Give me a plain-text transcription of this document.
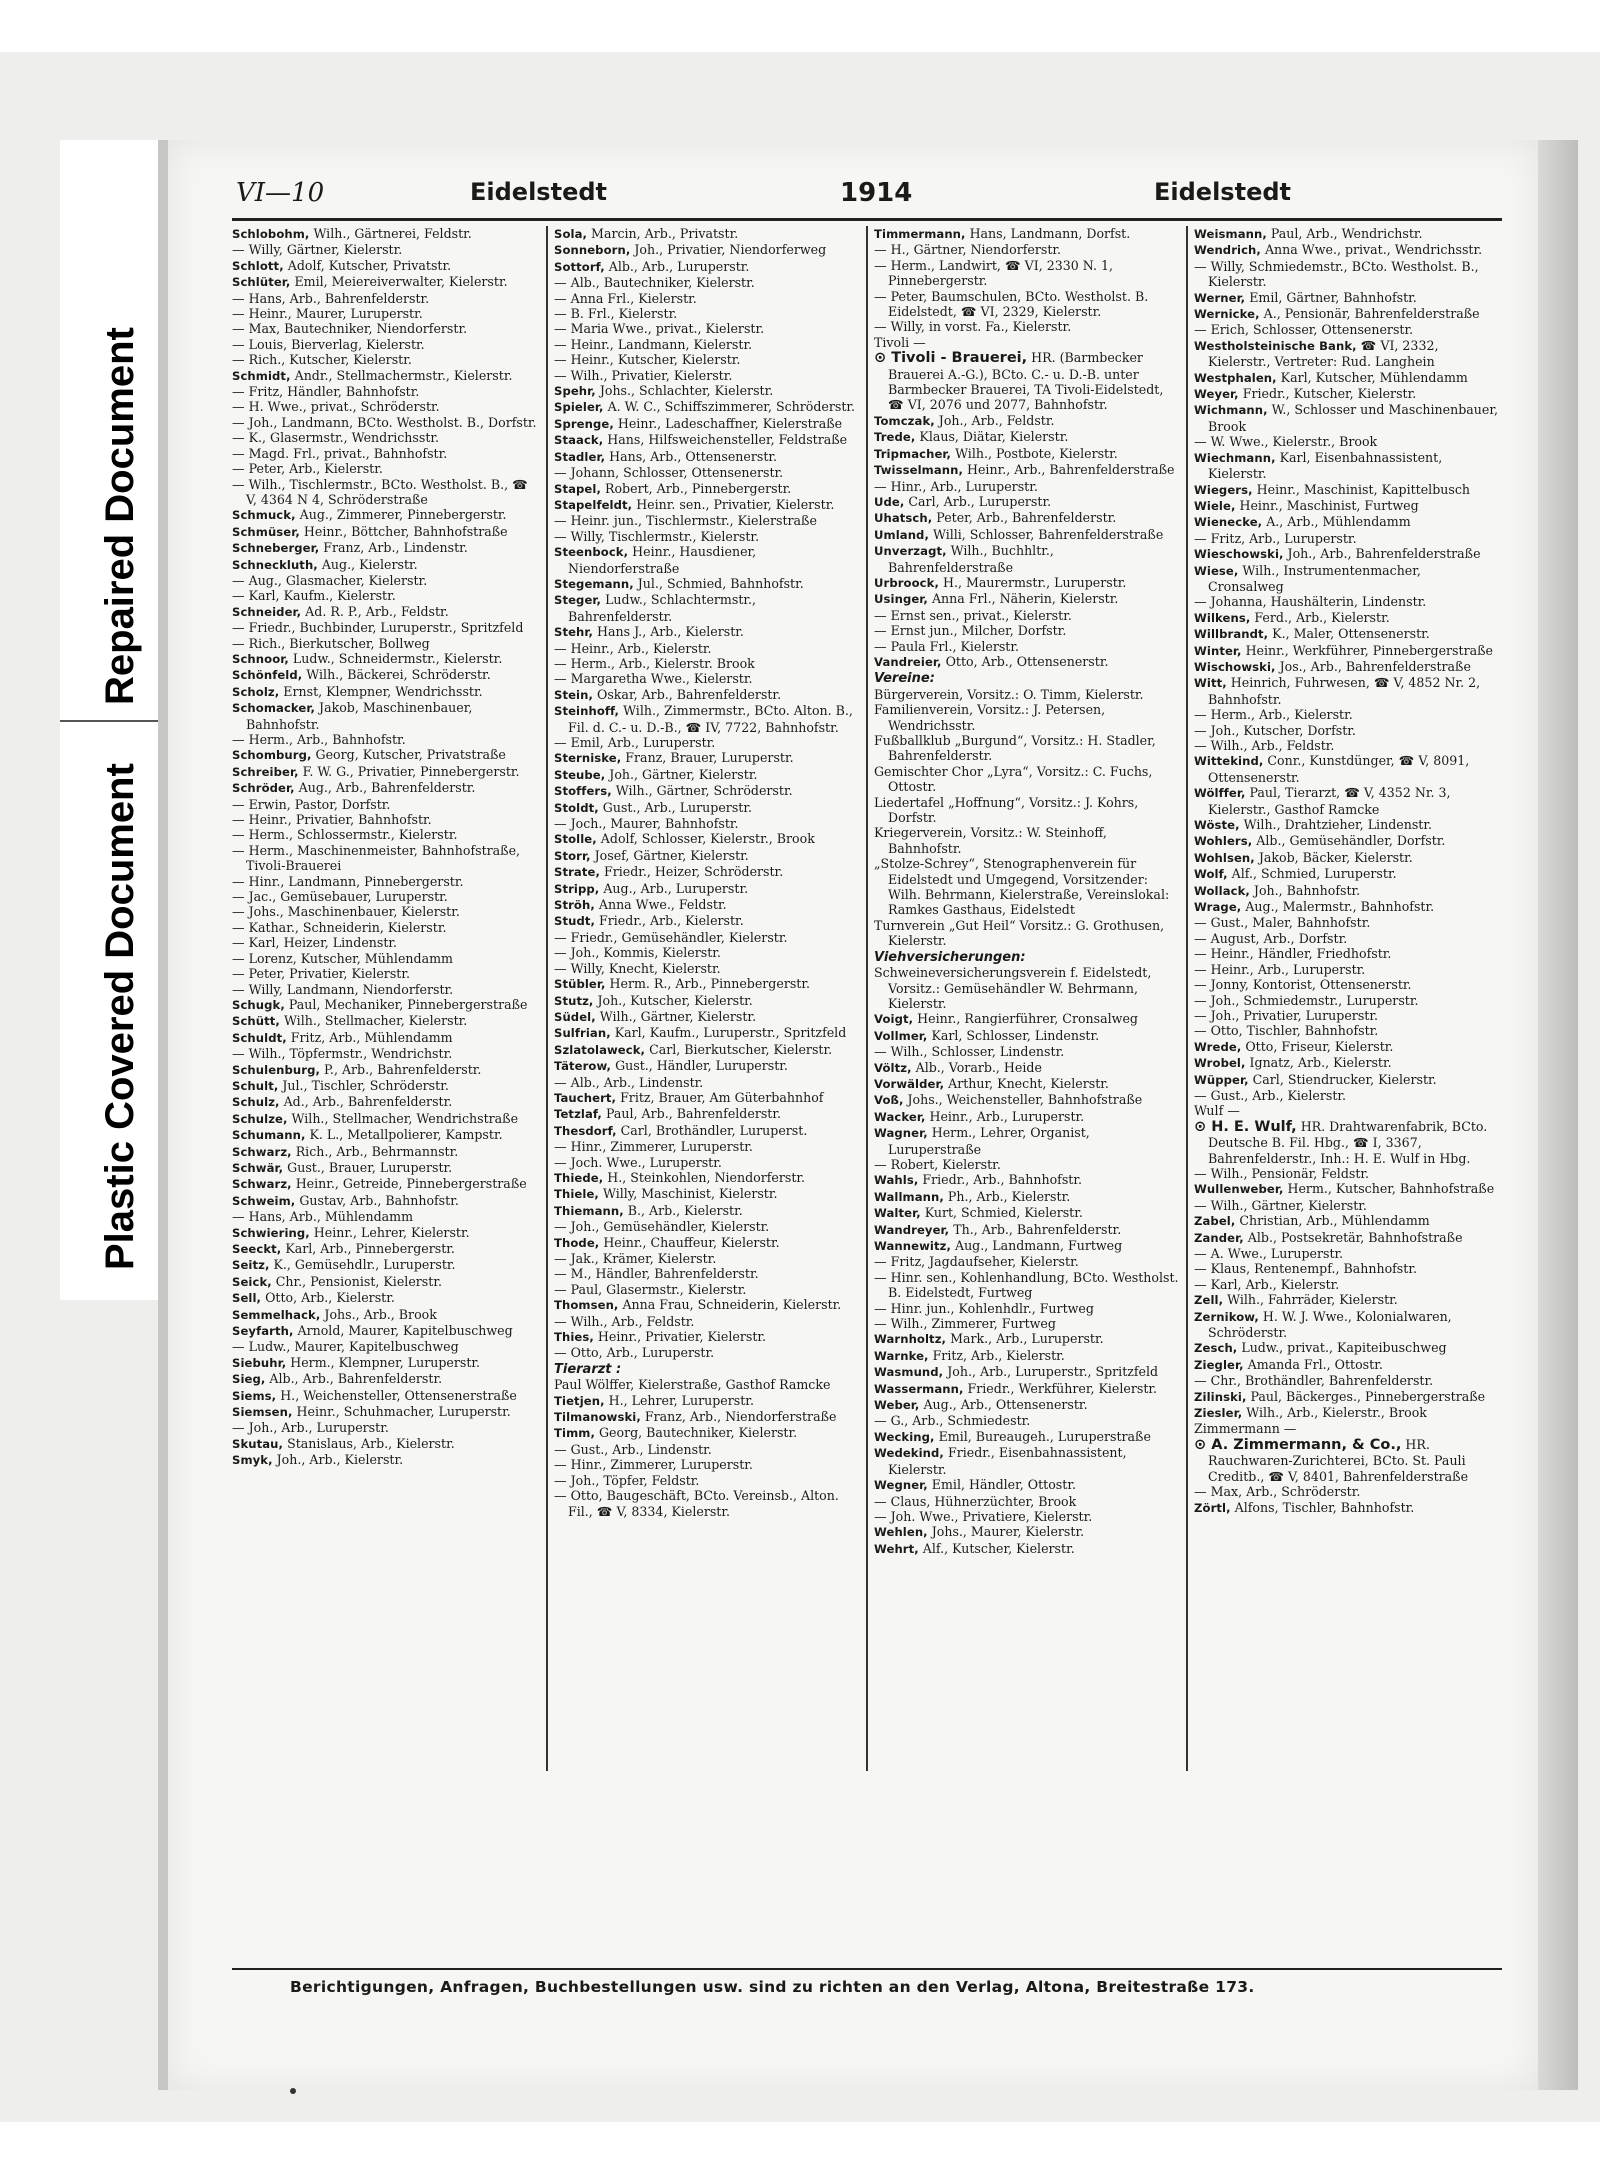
Repaired Document
Plastic Covered Document
VI—10	Eidelstedt	1914	Eidelstedt

Schlobohm, Wilh., Gärtnerei, Feldstr.

— Willy, Gärtner, Kielerstr.

Schlott, Adolf, Kutscher, Privatstr.

Schlüter, Emil, Meiereiverwalter, Kielerstr.

— Hans, Arb., Bahrenfelderstr.

— Heinr., Maurer, Luruperstr.

— Max, Bautechniker, Niendorferstr.

— Louis, Bierverlag, Kielerstr.

— Rich., Kutscher, Kielerstr.

Schmidt, Andr., Stellmachermstr., Kielerstr.

— Fritz, Händler, Bahnhofstr.

— H. Wwe., privat., Schröderstr.

— Joh., Landmann, BCto. Westholst. B., Dorfstr.

— K., Glasermstr., Wendrichsstr.

— Magd. Frl., privat., Bahnhofstr.

— Peter, Arb., Kielerstr.

— Wilh., Tischlermstr., BCto. Westholst. B., ☎ V, 4364 N 4, Schröderstraße

Schmuck, Aug., Zimmerer, Pinnebergerstr.

Schmüser, Heinr., Böttcher, Bahnhofstraße

Schneberger, Franz, Arb., Lindenstr.

Schneckluth, Aug., Kielerstr.

— Aug., Glasmacher, Kielerstr.

— Karl, Kaufm., Kielerstr.

Schneider, Ad. R. P., Arb., Feldstr.

— Friedr., Buchbinder, Luruperstr., Spritzfeld

— Rich., Bierkutscher, Bollweg

Schnoor, Ludw., Schneidermstr., Kielerstr.

Schönfeld, Wilh., Bäckerei, Schröderstr.

Scholz, Ernst, Klempner, Wendrichsstr.

Schomacker, Jakob, Maschinenbauer, Bahnhofstr.

— Herm., Arb., Bahnhofstr.

Schomburg, Georg, Kutscher, Privatstraße

Schreiber, F. W. G., Privatier, Pinnebergerstr.

Schröder, Aug., Arb., Bahrenfelderstr.

— Erwin, Pastor, Dorfstr.

— Heinr., Privatier, Bahnhofstr.

— Herm., Schlossermstr., Kielerstr.

— Herm., Maschinenmeister, Bahnhofstraße, Tivoli-Brauerei

— Hinr., Landmann, Pinnebergerstr.

— Jac., Gemüsebauer, Luruperstr.

— Johs., Maschinenbauer, Kielerstr.

— Kathar., Schneiderin, Kielerstr.

— Karl, Heizer, Lindenstr.

— Lorenz, Kutscher, Mühlendamm

— Peter, Privatier, Kielerstr.

— Willy, Landmann, Niendorferstr.

Schugk, Paul, Mechaniker, Pinnebergerstraße

Schütt, Wilh., Stellmacher, Kielerstr.

Schuldt, Fritz, Arb., Mühlendamm

— Wilh., Töpfermstr., Wendrichstr.

Schulenburg, P., Arb., Bahrenfelderstr.

Schult, Jul., Tischler, Schröderstr.

Schulz, Ad., Arb., Bahrenfelderstr.

Schulze, Wilh., Stellmacher, Wendrichstraße

Schumann, K. L., Metallpolierer, Kampstr.

Schwarz, Rich., Arb., Behrmannstr.

Schwär, Gust., Brauer, Luruperstr.

Schwarz, Heinr., Getreide, Pinnebergerstraße

Schweim, Gustav, Arb., Bahnhofstr.

— Hans, Arb., Mühlendamm

Schwiering, Heinr., Lehrer, Kielerstr.

Seeckt, Karl, Arb., Pinnebergerstr.

Seitz, K., Gemüsehdlr., Luruperstr.

Seick, Chr., Pensionist, Kielerstr.

Sell, Otto, Arb., Kielerstr.

Semmelhack, Johs., Arb., Brook

Seyfarth, Arnold, Maurer, Kapitelbuschweg

— Ludw., Maurer, Kapitelbuschweg

Siebuhr, Herm., Klempner, Luruperstr.

Sieg, Alb., Arb., Bahrenfelderstr.

Siems, H., Weichensteller, Ottensenerstraße

Siemsen, Heinr., Schuhmacher, Luruperstr.

— Joh., Arb., Luruperstr.

Skutau, Stanislaus, Arb., Kielerstr.

Smyk, Joh., Arb., Kielerstr.

Sola, Marcin, Arb., Privatstr.

Sonneborn, Joh., Privatier, Niendorferweg

Sottorf, Alb., Arb., Luruperstr.

— Alb., Bautechniker, Kielerstr.

— Anna Frl., Kielerstr.

— B. Frl., Kielerstr.

— Maria Wwe., privat., Kielerstr.

— Heinr., Landmann, Kielerstr.

— Heinr., Kutscher, Kielerstr.

— Wilh., Privatier, Kielerstr.

Spehr, Johs., Schlachter, Kielerstr.

Spieler, A. W. C., Schiffszimmerer, Schröderstr.

Sprenge, Heinr., Ladeschaffner, Kielerstraße

Staack, Hans, Hilfsweichensteller, Feldstraße

Stadler, Hans, Arb., Ottensenerstr.

— Johann, Schlosser, Ottensenerstr.

Stapel, Robert, Arb., Pinnebergerstr.

Stapelfeldt, Heinr. sen., Privatier, Kielerstr.

— Heinr. jun., Tischlermstr., Kielerstraße

— Willy, Tischlermstr., Kielerstr.

Steenbock, Heinr., Hausdiener, Niendorferstraße

Stegemann, Jul., Schmied, Bahnhofstr.

Steger, Ludw., Schlachtermstr., Bahrenfelderstr.

Stehr, Hans J., Arb., Kielerstr.

— Heinr., Arb., Kielerstr.

— Herm., Arb., Kielerstr. Brook

— Margaretha Wwe., Kielerstr.

Stein, Oskar, Arb., Bahrenfelderstr.

Steinhoff, Wilh., Zimmermstr., BCto. Alton. B., Fil. d. C.- u. D.-B., ☎ IV, 7722, Bahnhofstr.

— Emil, Arb., Luruperstr.

Sterniske, Franz, Brauer, Luruperstr.

Steube, Joh., Gärtner, Kielerstr.

Stoffers, Wilh., Gärtner, Schröderstr.

Stoldt, Gust., Arb., Luruperstr.

— Joch., Maurer, Bahnhofstr.

Stolle, Adolf, Schlosser, Kielerstr., Brook

Storr, Josef, Gärtner, Kielerstr.

Strate, Friedr., Heizer, Schröderstr.

Stripp, Aug., Arb., Luruperstr.

Ströh, Anna Wwe., Feldstr.

Studt, Friedr., Arb., Kielerstr.

— Friedr., Gemüsehändler, Kielerstr.

— Joh., Kommis, Kielerstr.

— Willy, Knecht, Kielerstr.

Stübler, Herm. R., Arb., Pinnebergerstr.

Stutz, Joh., Kutscher, Kielerstr.

Südel, Wilh., Gärtner, Kielerstr.

Sulfrian, Karl, Kaufm., Luruperstr., Spritzfeld

Szlatolaweck, Carl, Bierkutscher, Kielerstr.

Täterow, Gust., Händler, Luruperstr.

— Alb., Arb., Lindenstr.

Tauchert, Fritz, Brauer, Am Güterbahnhof

Tetzlaf, Paul, Arb., Bahrenfelderstr.

Thesdorf, Carl, Brothändler, Luruperst.

— Hinr., Zimmerer, Luruperstr.

— Joch. Wwe., Luruperstr.

Thiede, H., Steinkohlen, Niendorferstr.

Thiele, Willy, Maschinist, Kielerstr.

Thiemann, B., Arb., Kielerstr.

— Joh., Gemüsehändler, Kielerstr.

Thode, Heinr., Chauffeur, Kielerstr.

— Jak., Krämer, Kielerstr.

— M., Händler, Bahrenfelderstr.

— Paul, Glasermstr., Kielerstr.

Thomsen, Anna Frau, Schneiderin, Kielerstr.

— Wilh., Arb., Feldstr.

Thies, Heinr., Privatier, Kielerstr.

— Otto, Arb., Luruperstr.

Tierarzt :

Paul Wölffer, Kielerstraße, Gasthof Ramcke

Tietjen, H., Lehrer, Luruperstr.

Tilmanowski, Franz, Arb., Niendorferstraße

Timm, Georg, Bautechniker, Kielerstr.

— Gust., Arb., Lindenstr.

— Hinr., Zimmerer, Luruperstr.

— Joh., Töpfer, Feldstr.

— Otto, Baugeschäft, BCto. Vereinsb., Alton. Fil., ☎ V, 8334, Kielerstr.

Timmermann, Hans, Landmann, Dorfst.

— H., Gärtner, Niendorferstr.

— Herm., Landwirt, ☎ VI, 2330 N. 1, Pinnebergerstr.

— Peter, Baumschulen, BCto. Westholst. B. Eidelstedt, ☎ VI, 2329, Kielerstr.

— Willy, in vorst. Fa., Kielerstr.

Tivoli —

⊙ Tivoli - Brauerei, HR. (Barmbecker Brauerei A.-G.), BCto. C.- u. D.-B. unter Barmbecker Brauerei, TA Tivoli-Eidelstedt, ☎ VI, 2076 und 2077, Bahnhofstr.

Tomczak, Joh., Arb., Feldstr.

Trede, Klaus, Diätar, Kielerstr.

Tripmacher, Wilh., Postbote, Kielerstr.

Twisselmann, Heinr., Arb., Bahrenfelderstraße

— Hinr., Arb., Luruperstr.

Ude, Carl, Arb., Luruperstr.

Uhatsch, Peter, Arb., Bahrenfelderstr.

Umland, Willi, Schlosser, Bahrenfelderstraße

Unverzagt, Wilh., Buchhltr., Bahrenfelderstraße

Urbroock, H., Maurermstr., Luruperstr.

Usinger, Anna Frl., Näherin, Kielerstr.

— Ernst sen., privat., Kielerstr.

— Ernst jun., Milcher, Dorfstr.

— Paula Frl., Kielerstr.

Vandreier, Otto, Arb., Ottensenerstr.

Vereine:

Bürgerverein, Vorsitz.: O. Timm, Kielerstr.

Familienverein, Vorsitz.: J. Petersen, Wendrichsstr.

Fußballklub „Burgund“, Vorsitz.: H. Stadler, Bahrenfelderstr.

Gemischter Chor „Lyra“, Vorsitz.: C. Fuchs, Ottostr.

Liedertafel „Hoffnung“, Vorsitz.: J. Kohrs, Dorfstr.

Kriegerverein, Vorsitz.: W. Steinhoff, Bahnhofstr.

„Stolze-Schrey“, Stenographenverein für Eidelstedt und Umgegend, Vorsitzender: Wilh. Behrmann, Kielerstraße, Vereinslokal: Ramkes Gasthaus, Eidelstedt

Turnverein „Gut Heil“ Vorsitz.: G. Grothusen, Kielerstr.

Viehversicherungen:

Schweineversicherungsverein f. Eidelstedt, Vorsitz.: Gemüsehändler W. Behrmann, Kielerstr.

Voigt, Heinr., Rangierführer, Cronsalweg

Vollmer, Karl, Schlosser, Lindenstr.

— Wilh., Schlosser, Lindenstr.

Völtz, Alb., Vorarb., Heide

Vorwälder, Arthur, Knecht, Kielerstr.

Voß, Johs., Weichensteller, Bahnhofstraße

Wacker, Heinr., Arb., Luruperstr.

Wagner, Herm., Lehrer, Organist, Luruperstraße

— Robert, Kielerstr.

Wahls, Friedr., Arb., Bahnhofstr.

Wallmann, Ph., Arb., Kielerstr.

Walter, Kurt, Schmied, Kielerstr.

Wandreyer, Th., Arb., Bahrenfelderstr.

Wannewitz, Aug., Landmann, Furtweg

— Fritz, Jagdaufseher, Kielerstr.

— Hinr. sen., Kohlenhandlung, BCto. Westholst. B. Eidelstedt, Furtweg

— Hinr. jun., Kohlenhdlr., Furtweg

— Wilh., Zimmerer, Furtweg

Warnholtz, Mark., Arb., Luruperstr.

Warnke, Fritz, Arb., Kielerstr.

Wasmund, Joh., Arb., Luruperstr., Spritzfeld

Wassermann, Friedr., Werkführer, Kielerstr.

Weber, Aug., Arb., Ottensenerstr.

— G., Arb., Schmiedestr.

Wecking, Emil, Bureaugeh., Luruperstraße

Wedekind, Friedr., Eisenbahnassistent, Kielerstr.

Wegner, Emil, Händler, Ottostr.

— Claus, Hühnerzüchter, Brook

— Joh. Wwe., Privatiere, Kielerstr.

Wehlen, Johs., Maurer, Kielerstr.

Wehrt, Alf., Kutscher, Kielerstr.

Weismann, Paul, Arb., Wendrichstr.

Wendrich, Anna Wwe., privat., Wendrichsstr.

— Willy, Schmiedemstr., BCto. Westholst. B., Kielerstr.

Werner, Emil, Gärtner, Bahnhofstr.

Wernicke, A., Pensionär, Bahrenfelderstraße

— Erich, Schlosser, Ottensenerstr.

Westholsteinische Bank, ☎ VI, 2332, Kielerstr., Vertreter: Rud. Langhein

Westphalen, Karl, Kutscher, Mühlendamm

Weyer, Friedr., Kutscher, Kielerstr.

Wichmann, W., Schlosser und Maschinenbauer, Brook

— W. Wwe., Kielerstr., Brook

Wiechmann, Karl, Eisenbahnassistent, Kielerstr.

Wiegers, Heinr., Maschinist, Kapittelbusch

Wiele, Heinr., Maschinist, Furtweg

Wienecke, A., Arb., Mühlendamm

— Fritz, Arb., Luruperstr.

Wieschowski, Joh., Arb., Bahrenfelderstraße

Wiese, Wilh., Instrumentenmacher, Cronsalweg

— Johanna, Haushälterin, Lindenstr.

Wilkens, Ferd., Arb., Kielerstr.

Willbrandt, K., Maler, Ottensenerstr.

Winter, Heinr., Werkführer, Pinnebergerstraße

Wischowski, Jos., Arb., Bahrenfelderstraße

Witt, Heinrich, Fuhrwesen, ☎ V, 4852 Nr. 2, Bahnhofstr.

— Herm., Arb., Kielerstr.

— Joh., Kutscher, Dorfstr.

— Wilh., Arb., Feldstr.

Wittekind, Conr., Kunstdünger, ☎ V, 8091, Ottensenerstr.

Wölffer, Paul, Tierarzt, ☎ V, 4352 Nr. 3, Kielerstr., Gasthof Ramcke

Wöste, Wilh., Drahtzieher, Lindenstr.

Wohlers, Alb., Gemüsehändler, Dorfstr.

Wohlsen, Jakob, Bäcker, Kielerstr.

Wolf, Alf., Schmied, Luruperstr.

Wollack, Joh., Bahnhofstr.

Wrage, Aug., Malermstr., Bahnhofstr.

— Gust., Maler, Bahnhofstr.

— August, Arb., Dorfstr.

— Heinr., Händler, Friedhofstr.

— Heinr., Arb., Luruperstr.

— Jonny, Kontorist, Ottensenerstr.

— Joh., Schmiedemstr., Luruperstr.

— Joh., Privatier, Luruperstr.

— Otto, Tischler, Bahnhofstr.

Wrede, Otto, Friseur, Kielerstr.

Wrobel, Ignatz, Arb., Kielerstr.

Wüpper, Carl, Stiendrucker, Kielerstr.

— Gust., Arb., Kielerstr.

Wulf —

⊙ H. E. Wulf, HR. Drahtwarenfabrik, BCto. Deutsche B. Fil. Hbg., ☎ I, 3367, Bahrenfelderstr., Inh.: H. E. Wulf in Hbg.

— Wilh., Pensionär, Feldstr.

Wullenweber, Herm., Kutscher, Bahnhofstraße

— Wilh., Gärtner, Kielerstr.

Zabel, Christian, Arb., Mühlendamm

Zander, Alb., Postsekretär, Bahnhofstraße

— A. Wwe., Luruperstr.

— Klaus, Rentenempf., Bahnhofstr.

— Karl, Arb., Kielerstr.

Zell, Wilh., Fahrräder, Kielerstr.

Zernikow, H. W. J. Wwe., Kolonialwaren, Schröderstr.

Zesch, Ludw., privat., Kapiteibuschweg

Ziegler, Amanda Frl., Ottostr.

— Chr., Brothändler, Bahrenfelderstr.

Zilinski, Paul, Bäckerges., Pinnebergerstraße

Ziesler, Wilh., Arb., Kielerstr., Brook

Zimmermann —

⊙ A. Zimmermann, & Co., HR. Rauchwaren-Zurichterei, BCto. St. Pauli Creditb., ☎ V, 8401, Bahrenfelderstraße

— Max, Arb., Schröderstr.

Zörtl, Alfons, Tischler, Bahnhofstr.

Berichtigungen, Anfragen, Buchbestellungen usw. sind zu richten an den Verlag, Altona, Breitestraße 173.
